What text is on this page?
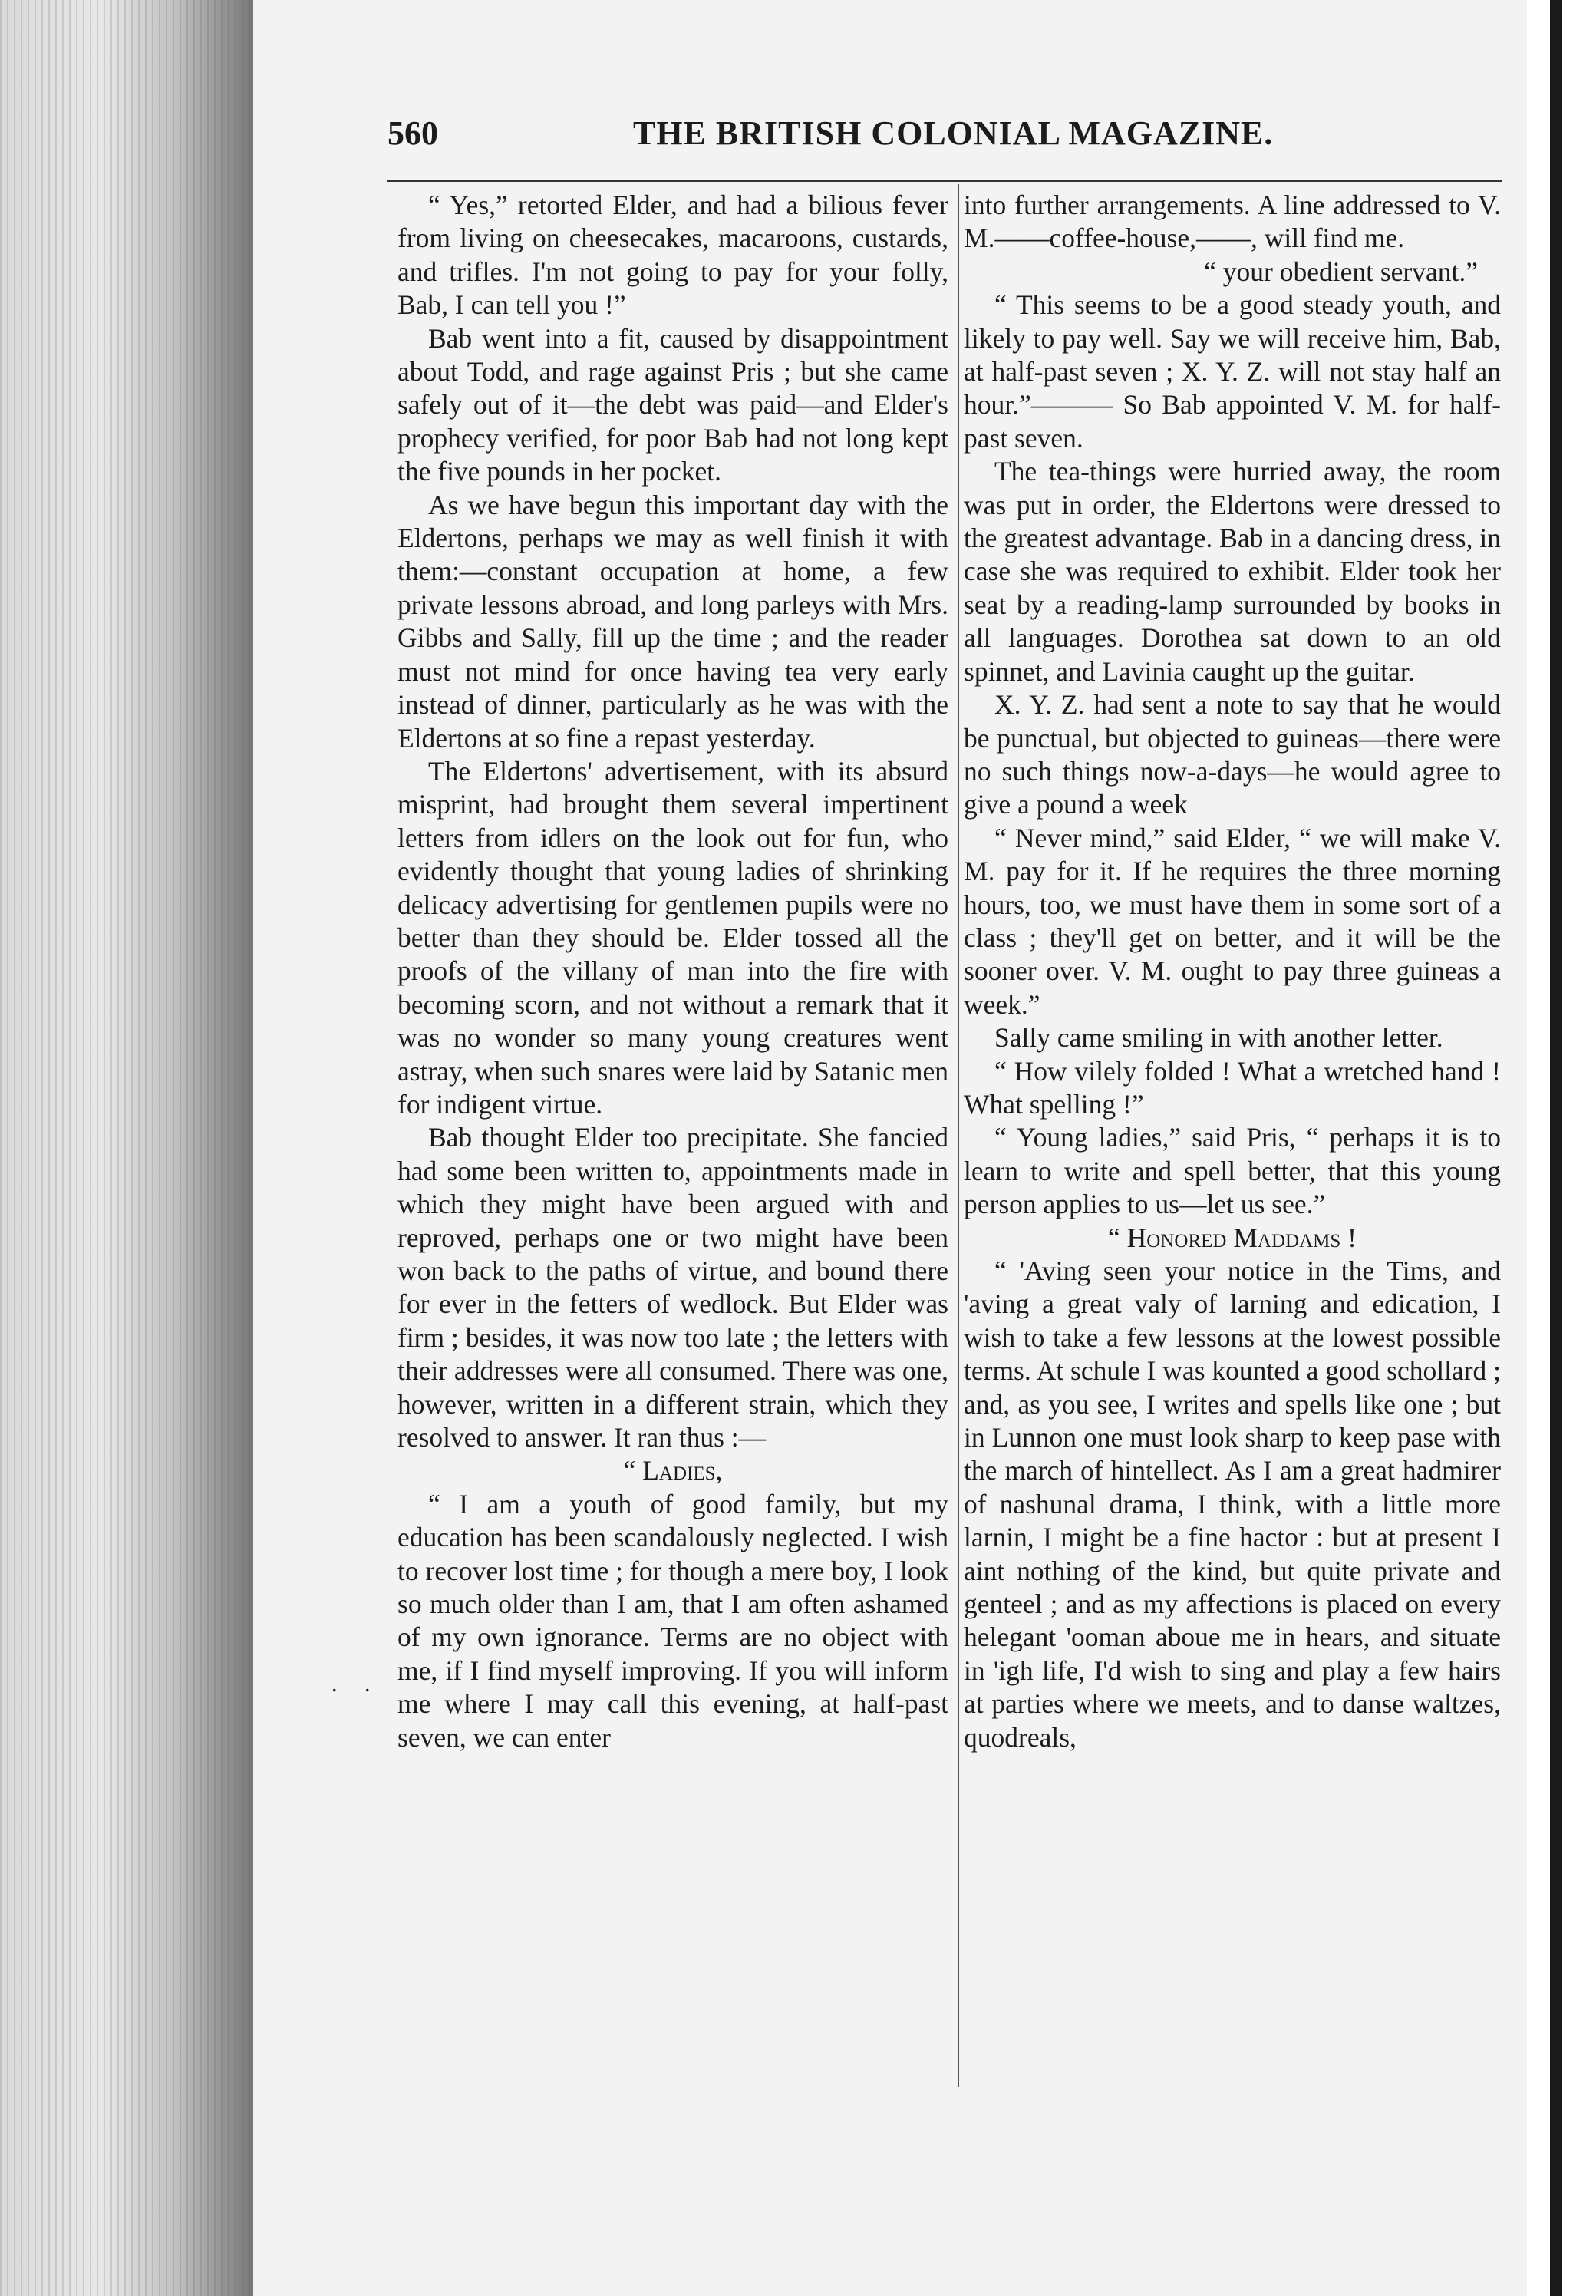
560	THE BRITISH COLONIAL MAGAZINE.
. .

“ Yes,” retorted Elder, and had a bilious fever from living on cheesecakes, macaroons, custards, and trifles. I'm not going to pay for your folly, Bab, I can tell you !”

Bab went into a fit, caused by disappointment about Todd, and rage against Pris ; but she came safely out of it—the debt was paid—and Elder's prophecy verified, for poor Bab had not long kept the five pounds in her pocket.

As we have begun this important day with the Eldertons, perhaps we may as well finish it with them:—constant occupation at home, a few private lessons abroad, and long parleys with Mrs. Gibbs and Sally, fill up the time ; and the reader must not mind for once having tea very early instead of dinner, particularly as he was with the Eldertons at so fine a repast yesterday.

The Eldertons' advertisement, with its absurd misprint, had brought them several impertinent letters from idlers on the look out for fun, who evidently thought that young ladies of shrinking delicacy advertising for gentlemen pupils were no better than they should be. Elder tossed all the proofs of the villany of man into the fire with becoming scorn, and not without a remark that it was no wonder so many young creatures went astray, when such snares were laid by Satanic men for indigent virtue.

Bab thought Elder too precipitate. She fancied had some been written to, appointments made in which they might have been argued with and reproved, perhaps one or two might have been won back to the paths of virtue, and bound there for ever in the fetters of wedlock. But Elder was firm ; besides, it was now too late ; the letters with their addresses were all consumed. There was one, however, written in a different strain, which they resolved to answer. It ran thus :—

“ Ladies,

“ I am a youth of good family, but my education has been scandalously neglected. I wish to recover lost time ; for though a mere boy, I look so much older than I am, that I am often ashamed of my own ignorance. Terms are no object with me, if I find myself improving. If you will inform me where I may call this evening, at half-past seven, we can enter

into further arrangements. A line addressed to V. M.——coffee-house,——, will find me.

“ your obedient servant.”

“ This seems to be a good steady youth, and likely to pay well. Say we will receive him, Bab, at half-past seven ; X. Y. Z. will not stay half an hour.”——— So Bab appointed V. M. for half-past seven.

The tea-things were hurried away, the room was put in order, the Eldertons were dressed to the greatest advantage. Bab in a dancing dress, in case she was required to exhibit. Elder took her seat by a reading-lamp surrounded by books in all languages. Dorothea sat down to an old spinnet, and Lavinia caught up the guitar.

X. Y. Z. had sent a note to say that he would be punctual, but objected to guineas—there were no such things now-a-days—he would agree to give a pound a week

“ Never mind,” said Elder, “ we will make V. M. pay for it. If he requires the three morning hours, too, we must have them in some sort of a class ; they'll get on better, and it will be the sooner over. V. M. ought to pay three guineas a week.”

Sally came smiling in with another letter.

“ How vilely folded ! What a wretched hand ! What spelling !”

“ Young ladies,” said Pris, “ perhaps it is to learn to write and spell better, that this young person applies to us—let us see.”

“ Honored Maddams !

“ 'Aving seen your notice in the Tims, and 'aving a great valy of larning and edication, I wish to take a few lessons at the lowest possible terms. At schule I was kounted a good schollard ; and, as you see, I writes and spells like one ; but in Lunnon one must look sharp to keep pase with the march of hintellect. As I am a great hadmirer of nashunal drama, I think, with a little more larnin, I might be a fine hactor : but at present I aint nothing of the kind, but quite private and genteel ; and as my affections is placed on every helegant 'ooman aboue me in hears, and situate in 'igh life, I'd wish to sing and play a few hairs at parties where we meets, and to danse waltzes, quodreals,
